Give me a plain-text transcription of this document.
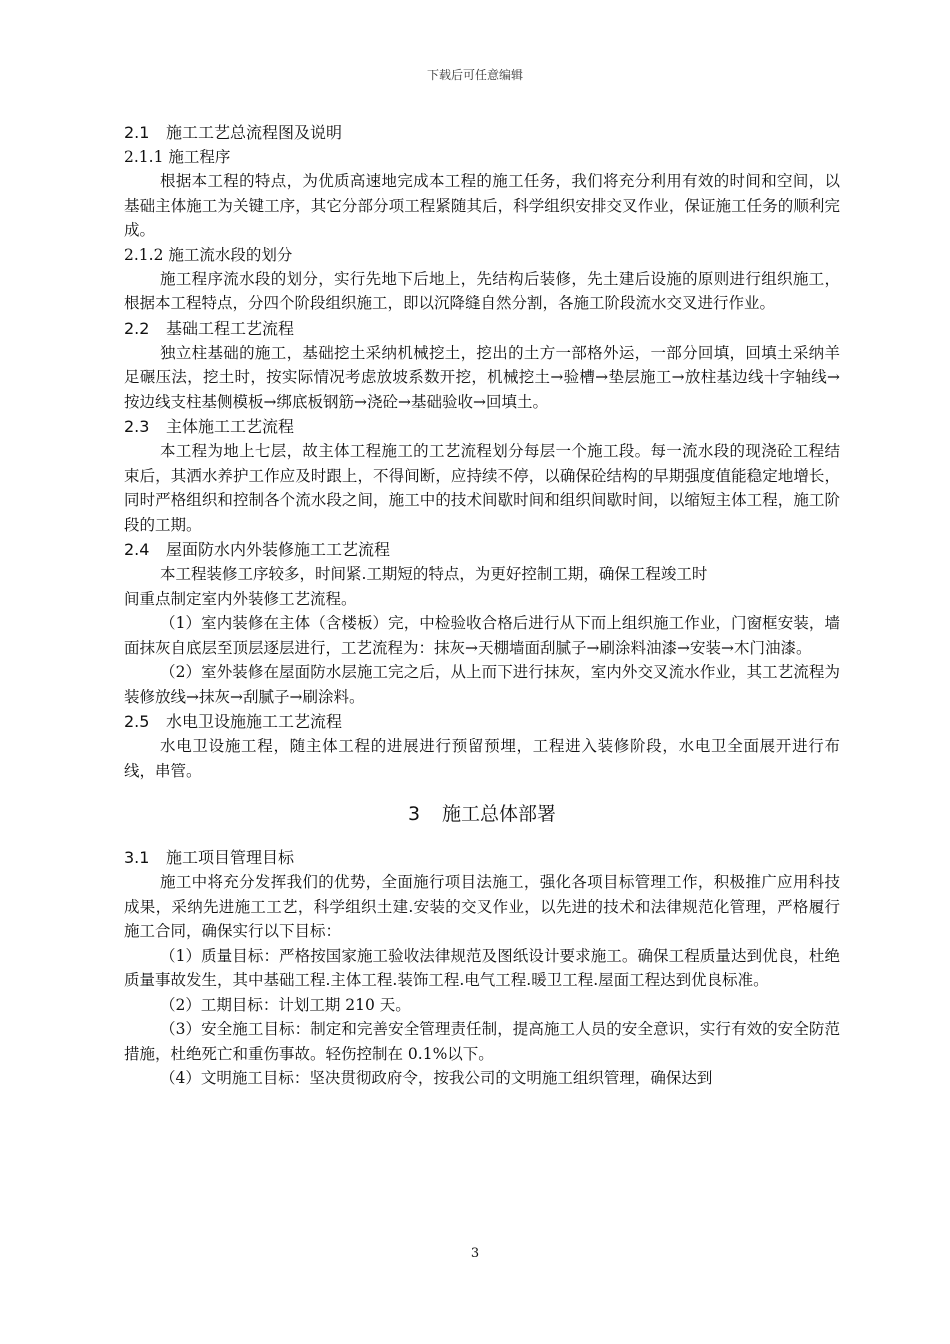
下载后可任意编辑
2.1 施工工艺总流程图及说明
2.1.1 施工程序
根据本工程的特点，为优质高速地完成本工程的施工任务，我们将充分利用有效的时间和空间，以基础主体施工为关键工序，其它分部分项工程紧随其后，科学组织安排交叉作业，保证施工任务的顺利完成。
2.1.2 施工流水段的划分
施工程序流水段的划分，实行先地下后地上，先结构后装修，先土建后设施的原则进行组织施工，根据本工程特点，分四个阶段组织施工，即以沉降缝自然分割，各施工阶段流水交叉进行作业。
2.2 基础工程工艺流程
独立柱基础的施工，基础挖土采纳机械挖土，挖出的土方一部格外运，一部分回填，回填土采纳羊足碾压法，挖土时，按实际情况考虑放坡系数开挖，机械挖土→验槽→垫层施工→放柱基边线十字轴线→按边线支柱基侧模板→绑底板钢筋→浇砼→基础验收→回填土。
2.3 主体施工工艺流程
本工程为地上七层，故主体工程施工的工艺流程划分每层一个施工段。每一流水段的现浇砼工程结束后，其洒水养护工作应及时跟上，不得间断，应持续不停，以确保砼结构的早期强度值能稳定地增长，同时严格组织和控制各个流水段之间，施工中的技术间歇时间和组织间歇时间，以缩短主体工程，施工阶段的工期。
2.4 屋面防水内外装修施工工艺流程
本工程装修工序较多，时间紧.工期短的特点，为更好控制工期，确保工程竣工时
间重点制定室内外装修工艺流程。
（1）室内装修在主体（含楼板）完，中检验收合格后进行从下而上组织施工作业，门窗框安装，墙面抹灰自底层至顶层逐层进行，工艺流程为：抹灰→天棚墙面刮腻子→刷涂料油漆→安装→木门油漆。
（2）室外装修在屋面防水层施工完之后，从上而下进行抹灰，室内外交叉流水作业，其工艺流程为装修放线→抹灰→刮腻子→刷涂料。
2.5 水电卫设施施工工艺流程
水电卫设施工程，随主体工程的进展进行预留预埋，工程进入装修阶段，水电卫全面展开进行布线，串管。
3 施工总体部署
3.1 施工项目管理目标
施工中将充分发挥我们的优势，全面施行项目法施工，强化各项目标管理工作，积极推广应用科技成果，采纳先进施工工艺，科学组织土建.安装的交叉作业，以先进的技术和法律规范化管理，严格履行施工合同，确保实行以下目标：
（1）质量目标：严格按国家施工验收法律规范及图纸设计要求施工。确保工程质量达到优良，杜绝质量事故发生，其中基础工程.主体工程.装饰工程.电气工程.暖卫工程.屋面工程达到优良标准。
（2）工期目标：计划工期 210 天。
（3）安全施工目标：制定和完善安全管理责任制，提高施工人员的安全意识，实行有效的安全防范措施，杜绝死亡和重伤事故。轻伤控制在 0.1%以下。
（4）文明施工目标：坚决贯彻政府令，按我公司的文明施工组织管理，确保达到
3
